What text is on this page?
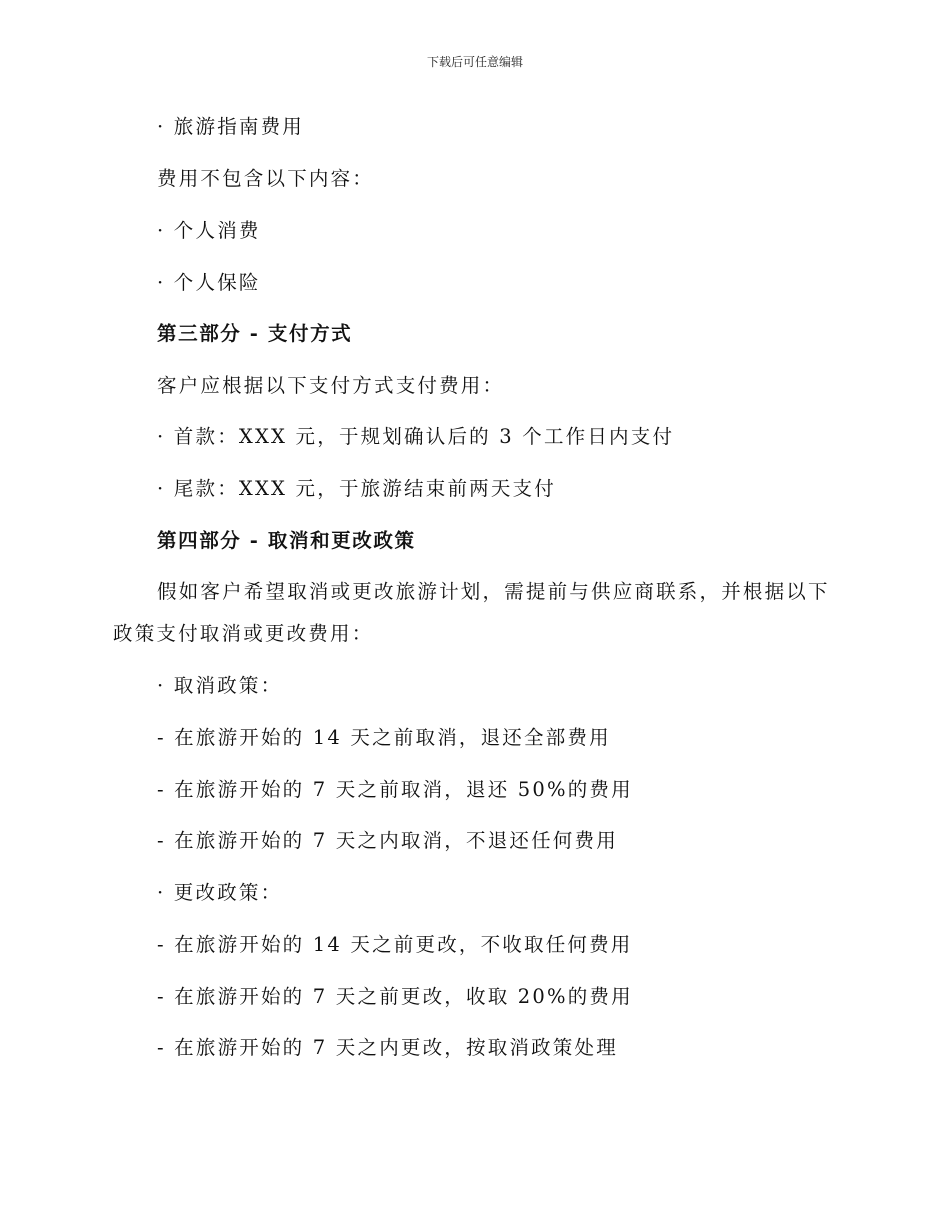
下载后可任意编辑
· 旅游指南费用
费用不包含以下内容：
· 个人消费
· 个人保险
第三部分 - 支付方式
客户应根据以下支付方式支付费用：
· 首款：XXX 元，于规划确认后的 3 个工作日内支付
· 尾款：XXX 元，于旅游结束前两天支付
第四部分 - 取消和更改政策
假如客户希望取消或更改旅游计划，需提前与供应商联系，并根据以下
政策支付取消或更改费用：
· 取消政策：
- 在旅游开始的 14 天之前取消，退还全部费用
- 在旅游开始的 7 天之前取消，退还 50%的费用
- 在旅游开始的 7 天之内取消，不退还任何费用
· 更改政策：
- 在旅游开始的 14 天之前更改，不收取任何费用
- 在旅游开始的 7 天之前更改，收取 20%的费用
- 在旅游开始的 7 天之内更改，按取消政策处理
